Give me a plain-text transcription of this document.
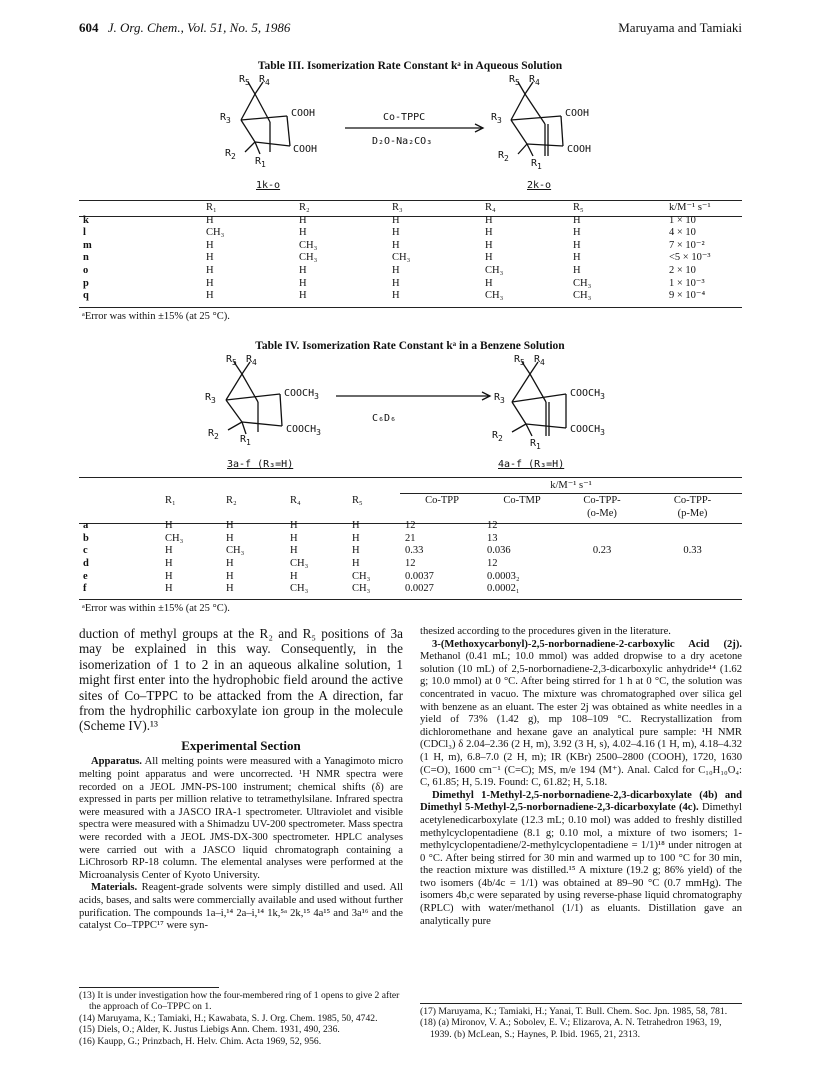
604 J. Org. Chem., Vol. 51, No. 5, 1986	Maruyama and Tamiaki
Table III. Isomerization Rate Constant kᵃ in Aqueous Solution
$R_5$ $R_4$
$R_3$
COOH
COOH
$R_2$ $R_1$
$R_5$ $R_4$
$R_3$
COOH
COOH
$R_2$ $R_1$
Co-TPPC
D₂O-Na₂CO₃
1k-o	2k-o
	R₁	R₂	R₃	R₄	R₅	k/M⁻¹ s⁻¹
k	H	H	H	H	H	1 × 10
l	CH₃	H	H	H	H	4 × 10
m	H	CH₃	H	H	H	7 × 10⁻²
n	H	CH₃	CH₃	H	H	<5 × 10⁻³
o	H	H	H	CH₃	H	2 × 10
p	H	H	H	H	CH₃	1 × 10⁻³
q	H	H	H	CH₃	CH₃	9 × 10⁻⁴
ᵃError was within ±15% (at 25 °C).
Table IV. Isomerization Rate Constant kᵃ in a Benzene Solution
$R_5$ $R_4$
$R_3$
$COOCH_3$
$COOCH_3$
$R_2$ $R_1$
$R_5$ $R_4$
$R_3$
$COOCH_3$
$COOCH_3$
$R_2$	$R_1$
C₆D₆
3a-f (R₃=H)	4a-f (R₃=H)
k/M⁻¹ s⁻¹
	R₁	R₂	R₄	R₅	Co-TPP	Co-TMP	Co-TPP-
(o-Me)	Co-TPP-
(p-Me)
a	H	H	H	H	12	12		
b	CH₃	H	H	H	21	13		
c	H	CH₃	H	H	0.33	0.036	0.23	0.33
d	H	H	CH₃	H	12	12		
e	H	H	H	CH₃	0.0037	0.0003₂		
f	H	H	CH₃	CH₃	0.0027	0.0002₁		
ᵃError was within ±15% (at 25 °C).

duction of methyl groups at the R₂ and R₅ positions of 3a may be explained in this way. Consequently, in the isomerization of 1 to 2 in an aqueous alkaline solution, 1 might first enter into the hydrophobic field around the active sites of Co–TPPC to be attacked from the A direction, far from the hydrophilic carboxylate ion group in the molecule (Scheme IV).¹³

Experimental Section

Apparatus. All melting points were measured with a Yanagimoto micro melting point apparatus and were uncorrected. ¹H NMR spectra were recorded on a JEOL JMN-PS-100 instrument; chemical shifts (δ) are expressed in parts per million relative to tetramethylsilane. Infrared spectra were measured with a JASCO IRA-1 spectrometer. Ultraviolet and visible spectra were measured with a Shimadzu UV-200 spectrometer. Mass spectra were recorded with a JEOL JMS-DX-300 spectrometer. HPLC analyses were carried out with a JASCO liquid chromatograph containing a LiChrosorb RP-18 column. The elemental analyses were performed at the Microanalysis Center of Kyoto University.

Materials. Reagent-grade solvents were simply distilled and used. All acids, bases, and salts were commercially available and used without further purification. The compounds 1a–i,¹⁴ 2a–i,¹⁴ 1k,⁵ᵃ 2k,¹⁵ 4a¹⁵ and 3a¹⁶ and the catalyst Co–TPPC¹⁷ were syn-

thesized according to the procedures given in the literature.

3-(Methoxycarbonyl)-2,5-norbornadiene-2-carboxylic Acid (2j). Methanol (0.41 mL; 10.0 mmol) was added dropwise to a dry acetone solution (10 mL) of 2,5-norbornadiene-2,3-dicarboxylic anhydride¹⁴ (1.62 g; 10.0 mmol) at 0 °C. After being stirred for 1 h at 0 °C, the solution was concentrated in vacuo. The mixture was chromatographed over silica gel with benzene as an eluant. The ester 2j was obtained as white needles in a yield of 73% (1.42 g), mp 108–109 °C. Recrystallization from dichloromethane and hexane gave an analytical pure sample: ¹H NMR (CDCl₃) δ 2.04–2.36 (2 H, m), 3.92 (3 H, s), 4.02–4.16 (1 H, m), 4.18–4.32 (1 H, m), 6.8–7.0 (2 H, m); IR (KBr) 2500–2800 (COOH), 1720, 1630 (C=O), 1600 cm⁻¹ (C=C); MS, m/e 194 (M⁺). Anal. Calcd for C₁₀H₁₀O₄: C, 61.85; H, 5.19. Found: C, 61.82; H, 5.18.

Dimethyl 1-Methyl-2,5-norbornadiene-2,3-dicarboxylate (4b) and Dimethyl 5-Methyl-2,5-norbornadiene-2,3-dicarboxylate (4c). Dimethyl acetylenedicarboxylate (12.3 mL; 0.10 mol) was added to freshly distilled methylcyclopentadiene (8.1 g; 0.10 mol, a mixture of two isomers; 1-methylcyclopentadiene/2-methylcyclopentadiene = 1/1)¹⁸ under nitrogen at 0 °C. After being stirred for 30 min and warmed up to 100 °C for 30 min, the reaction mixture was distilled.¹⁵ A mixture (19.2 g; 86% yield) of the two isomers (4b/4c = 1/1) was obtained at 89–90 °C (0.7 mmHg). The isomers 4b,c were separated by using reverse-phase liquid chromatography (RPLC) with water/methanol (1/1) as eluants. Distillation gave an analytically pure

(13) It is under investigation how the four-membered ring of 1 opens to give 2 after the approach of Co–TPPC on 1.
(14) Maruyama, K.; Tamiaki, H.; Kawabata, S. J. Org. Chem. 1985, 50, 4742.
(15) Diels, O.; Alder, K. Justus Liebigs Ann. Chem. 1931, 490, 236.
(16) Kaupp, G.; Prinzbach, H. Helv. Chim. Acta 1969, 52, 956.
(17) Maruyama, K.; Tamiaki, H.; Yanai, T. Bull. Chem. Soc. Jpn. 1985, 58, 781.
(18) (a) Mironov, V. A.; Sobolev, E. V.; Elizarova, A. N. Tetrahedron 1963, 19, 1939. (b) McLean, S.; Haynes, P. Ibid. 1965, 21, 2313.
